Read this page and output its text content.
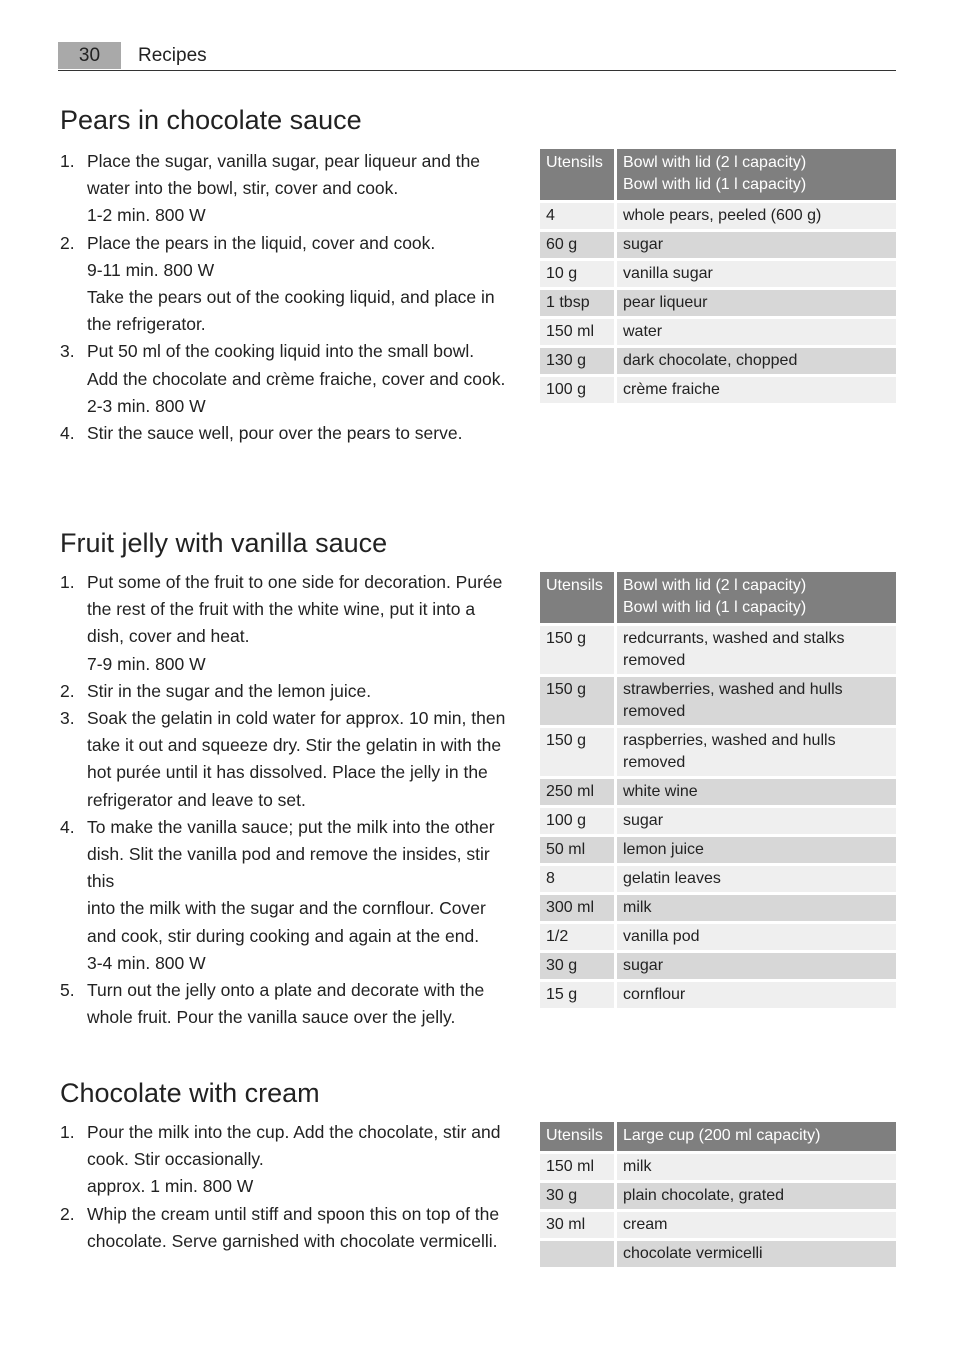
30	Recipes
Pears in chocolate sauce
1. Place the sugar, vanilla sugar, pear liqueur and the
water into the bowl, stir, cover and cook.
1-2 min. 800 W
2. Place the pears in the liquid, cover and cook.
9-11 min. 800 W
Take the pears out of the cooking liquid, and place in
the refrigerator.
3. Put 50 ml of the cooking liquid into the small bowl.
Add the chocolate and crème fraiche, cover and cook.
2-3 min. 800 W
4. Stir the sauce well, pour over the pears to serve.
Utensils	Bowl with lid (2 l capacity)
Bowl with lid (1 l capacity)

4	whole pears, peeled (600 g)
60 g	sugar
10 g	vanilla sugar
1 tbsp	pear liqueur
150 ml	water
130 g	dark chocolate, chopped
100 g	crème fraiche
Fruit jelly with vanilla sauce
1. Put some of the fruit to one side for decoration. Purée
the rest of the fruit with the white wine, put it into a
dish, cover and heat.
7-9 min. 800 W
2. Stir in the sugar and the lemon juice.
3. Soak the gelatin in cold water for approx. 10 min, then
take it out and squeeze dry. Stir the gelatin in with the
hot purée until it has dissolved. Place the jelly in the
refrigerator and leave to set.
4. To make the vanilla sauce; put the milk into the other
dish. Slit the vanilla pod and remove the insides, stir this
into the milk with the sugar and the cornflour. Cover
and cook, stir during cooking and again at the end.
3-4 min. 800 W
5. Turn out the jelly onto a plate and decorate with the
whole fruit. Pour the vanilla sauce over the jelly.
Utensils	Bowl with lid (2 l capacity)
Bowl with lid (1 l capacity)

150 g	redcurrants, washed and stalks removed
150 g	strawberries, washed and hulls removed
150 g	raspberries, washed and hulls removed
250 ml	white wine
100 g	sugar
50 ml	lemon juice
8	gelatin leaves
300 ml	milk
1/2	vanilla pod
30 g	sugar
15 g	cornflour
Chocolate with cream
1. Pour the milk into the cup. Add the chocolate, stir and
cook. Stir occasionally.
approx. 1 min. 800 W
2. Whip the cream until stiff and spoon this on top of the
chocolate. Serve garnished with chocolate vermicelli.
Utensils	Large cup (200 ml capacity)

150 ml	milk
30 g	plain chocolate, grated
30 ml	cream
	chocolate vermicelli
